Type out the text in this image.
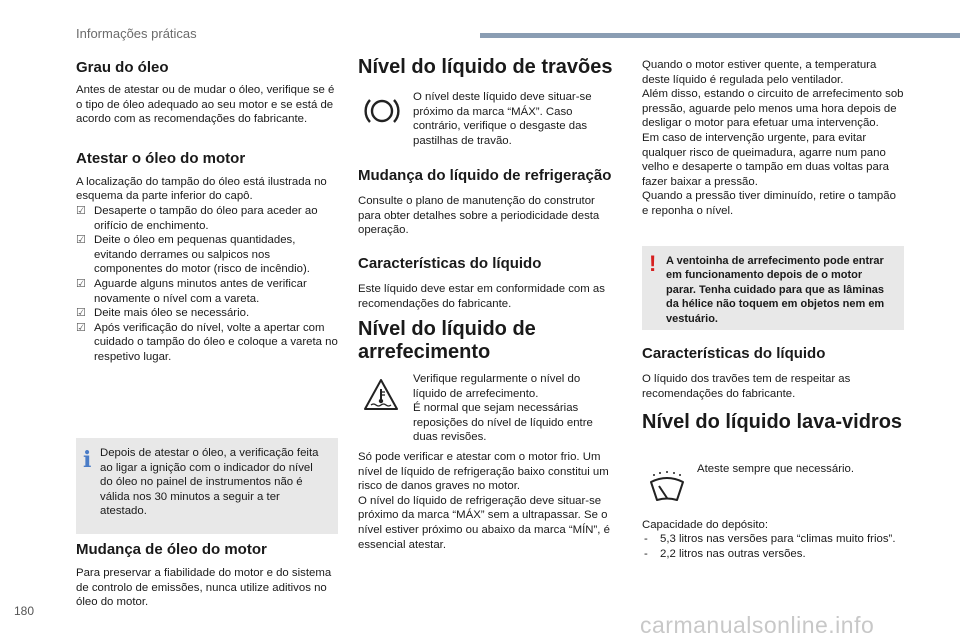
Informações práticas
Grau do óleo

Antes de atestar ou de mudar o óleo, verifique se é o tipo de óleo adequado ao seu motor e se está de acordo com as recomendações do fabricante.

Atestar o óleo do motor

A localização do tampão do óleo está ilustrada no esquema da parte inferior do capô.

☑ Desaperte o tampão do óleo para aceder ao orifício de enchimento.
☑ Deite o óleo em pequenas quantidades, evitando derrames ou salpicos nos componentes do motor (risco de incêndio).
☑ Aguarde alguns minutos antes de verificar novamente o nível com a vareta.
☑ Deite mais óleo se necessário.
☑ Após verificação do nível, volte a apertar com cuidado o tampão do óleo e coloque a vareta no respetivo lugar.
i Depois de atestar o óleo, a verificação feita ao ligar a ignição com o indicador do nível do óleo no painel de instrumentos não é válida nos 30 minutos a seguir a ter atestado.

Mudança de óleo do motor

Para preservar a fiabilidade do motor e do sistema de controlo de emissões, nunca utilize aditivos no óleo do motor.

Nível do líquido de travões

O nível deste líquido deve situar-se próximo da marca “MÁX”. Caso contrário, verifique o desgaste das pastilhas de travão.

Mudança do líquido de refrigeração

Consulte o plano de manutenção do construtor para obter detalhes sobre a periodicidade desta operação.

Características do líquido

Este líquido deve estar em conformidade com as recomendações do fabricante.

Nível do líquido de
arrefecimento

Verifique regularmente o nível do líquido de arrefecimento.
É normal que sejam necessárias reposições do nível de líquido entre duas revisões.

Só pode verificar e atestar com o motor frio. Um nível de líquido de refrigeração baixo constitui um risco de danos graves no motor.
O nível do líquido de refrigeração deve situar-se próximo da marca “MÁX” sem a ultrapassar. Se o nível estiver próximo ou abaixo da marca “MÍN”, é essencial atestar.

Quando o motor estiver quente, a temperatura deste líquido é regulada pelo ventilador.
Além disso, estando o circuito de arrefecimento sob pressão, aguarde pelo menos uma hora depois de desligar o motor para efetuar uma intervenção.
Em caso de intervenção urgente, para evitar qualquer risco de queimadura, agarre num pano velho e desaperte o tampão em duas voltas para fazer baixar a pressão.
Quando a pressão tiver diminuído, retire o tampão e reponha o nível.

! A ventoinha de arrefecimento pode entrar em funcionamento depois de o motor parar. Tenha cuidado para que as lâminas da hélice não toquem em objetos nem em vestuário.

Características do líquido

O líquido dos travões tem de respeitar as recomendações do fabricante.

Nível do líquido lava-vidros

Ateste sempre que necessário.

Capacidade do depósito:

- 5,3 litros nas versões para “climas muito frios”.
- 2,2 litros nas outras versões.
180
carmanualsonline.info
